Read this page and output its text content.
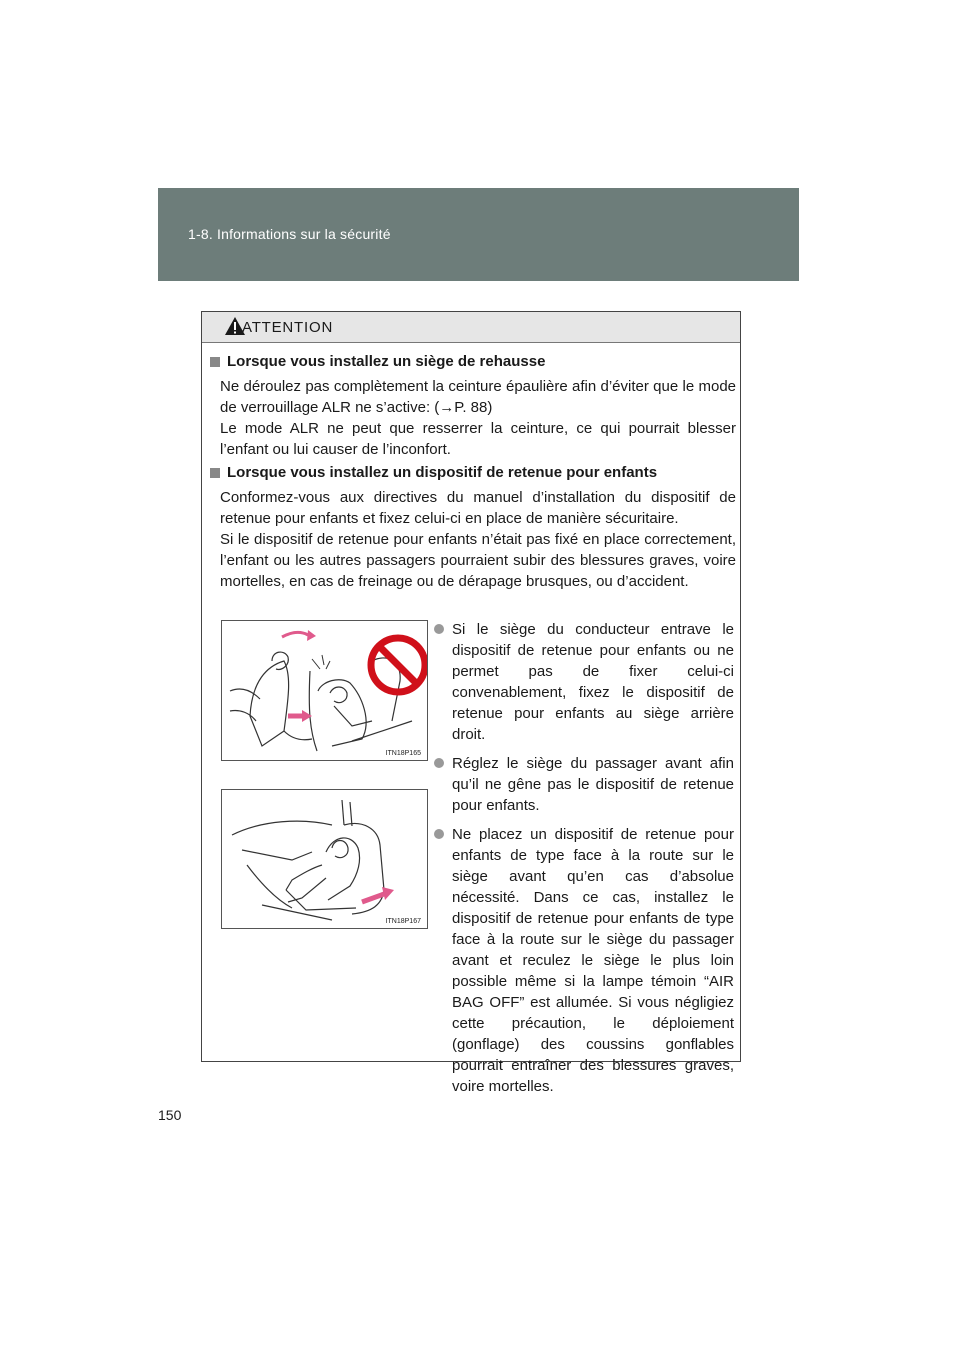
1-8. Informations sur la sécurité
ATTENTION
Lorsque vous installez un siège de rehausse
Ne déroulez pas complètement la ceinture épaulière afin d’éviter que le mode de verrouillage ALR ne s’active: (→P. 88)
Le mode ALR ne peut que resserrer la ceinture, ce qui pourrait blesser l’enfant ou lui causer de l’inconfort.
Lorsque vous installez un dispositif de retenue pour enfants
Conformez-vous aux directives du manuel d’installation du dispositif de retenue pour enfants et fixez celui-ci en place de manière sécuritaire.
Si le dispositif de retenue pour enfants n’était pas fixé en place correctement, l’enfant ou les autres passagers pourraient subir des blessures graves, voire mortelles, en cas de freinage ou de dérapage brusques, ou d’accident.
ITN18P165
ITN18P167
Si le siège du conducteur entrave le dispositif de retenue pour enfants ou ne permet pas de fixer celui-ci convenablement, fixez le dispositif de retenue pour enfants au siège arrière droit.
Réglez le siège du passager avant afin qu’il ne gêne pas le dispositif de retenue pour enfants.
Ne placez un dispositif de retenue pour enfants de type face à la route sur le siège avant qu’en cas d’absolue nécessité. Dans ce cas, installez le dispositif de retenue pour enfants de type face à la route sur le siège du passager avant et reculez le siège le plus loin possible même si la lampe témoin “AIR BAG OFF” est allumée. Si vous négligiez cette précaution, le déploiement (gonflage) des coussins gonflables pourrait entraîner des blessures graves, voire mortelles.
150
